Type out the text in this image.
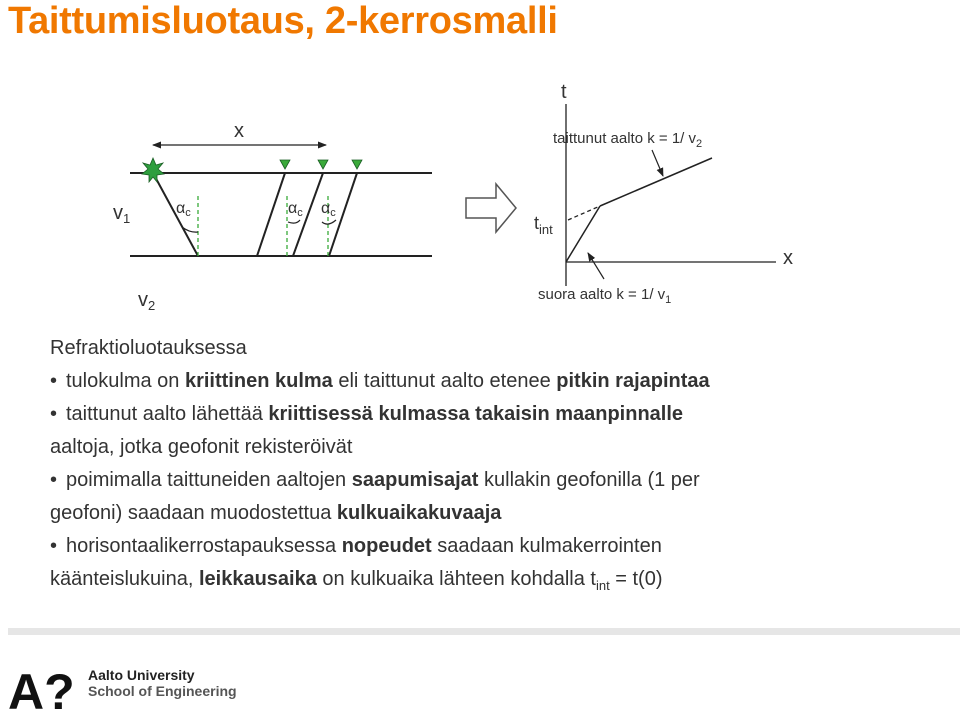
Taittumisluotaus, 2-kerrosmalli
x
$v_1$
$v_2$
αc	αc αc
t
x
taittunut aalto k = 1/ $v_2$
$t_{int}$
suora aalto k = 1/ $v_1$
Refraktioluotauksessa
• tulokulma on kriittinen kulma eli taittunut aalto etenee pitkin rajapintaa
• taittunut aalto lähettää kriittisessä kulmassa takaisin maanpinnalle
aaltoja, jotka geofonit rekisteröivät
• poimimalla taittuneiden aaltojen saapumisajat kullakin geofonilla (1 per
geofoni) saadaan muodostettua kulkuaikakuvaaja
• horisontaalikerrostapauksessa nopeudet saadaan kulmakerrointen
käänteislukuina, leikkausaika on kulkuaika lähteen kohdalla $t_{int} = t(0)$
A? Aalto University
School of Engineering
